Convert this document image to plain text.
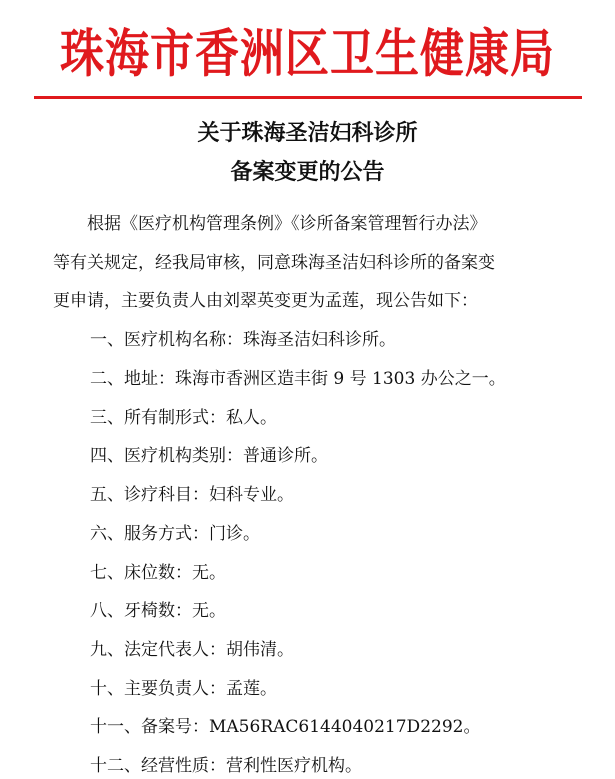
珠海市香洲区卫生健康局
关于珠海圣洁妇科诊所
备案变更的公告
　　根据《医疗机构管理条例》《诊所备案管理暂行办法》
等有关规定，经我局审核，同意珠海圣洁妇科诊所的备案变
更申请，主要负责人由刘翠英变更为孟莲，现公告如下：
一、医疗机构名称：珠海圣洁妇科诊所。
二、地址：珠海市香洲区造丰街 9 号 1303 办公之一。
三、所有制形式：私人。
四、医疗机构类别：普通诊所。
五、诊疗科目：妇科专业。
六、服务方式：门诊。
七、床位数：无。
八、牙椅数：无。
九、法定代表人：胡伟清。
十、主要负责人：孟莲。
十一、备案号：MA56RAC6144040217D2292。
十二、经营性质：营利性医疗机构。
